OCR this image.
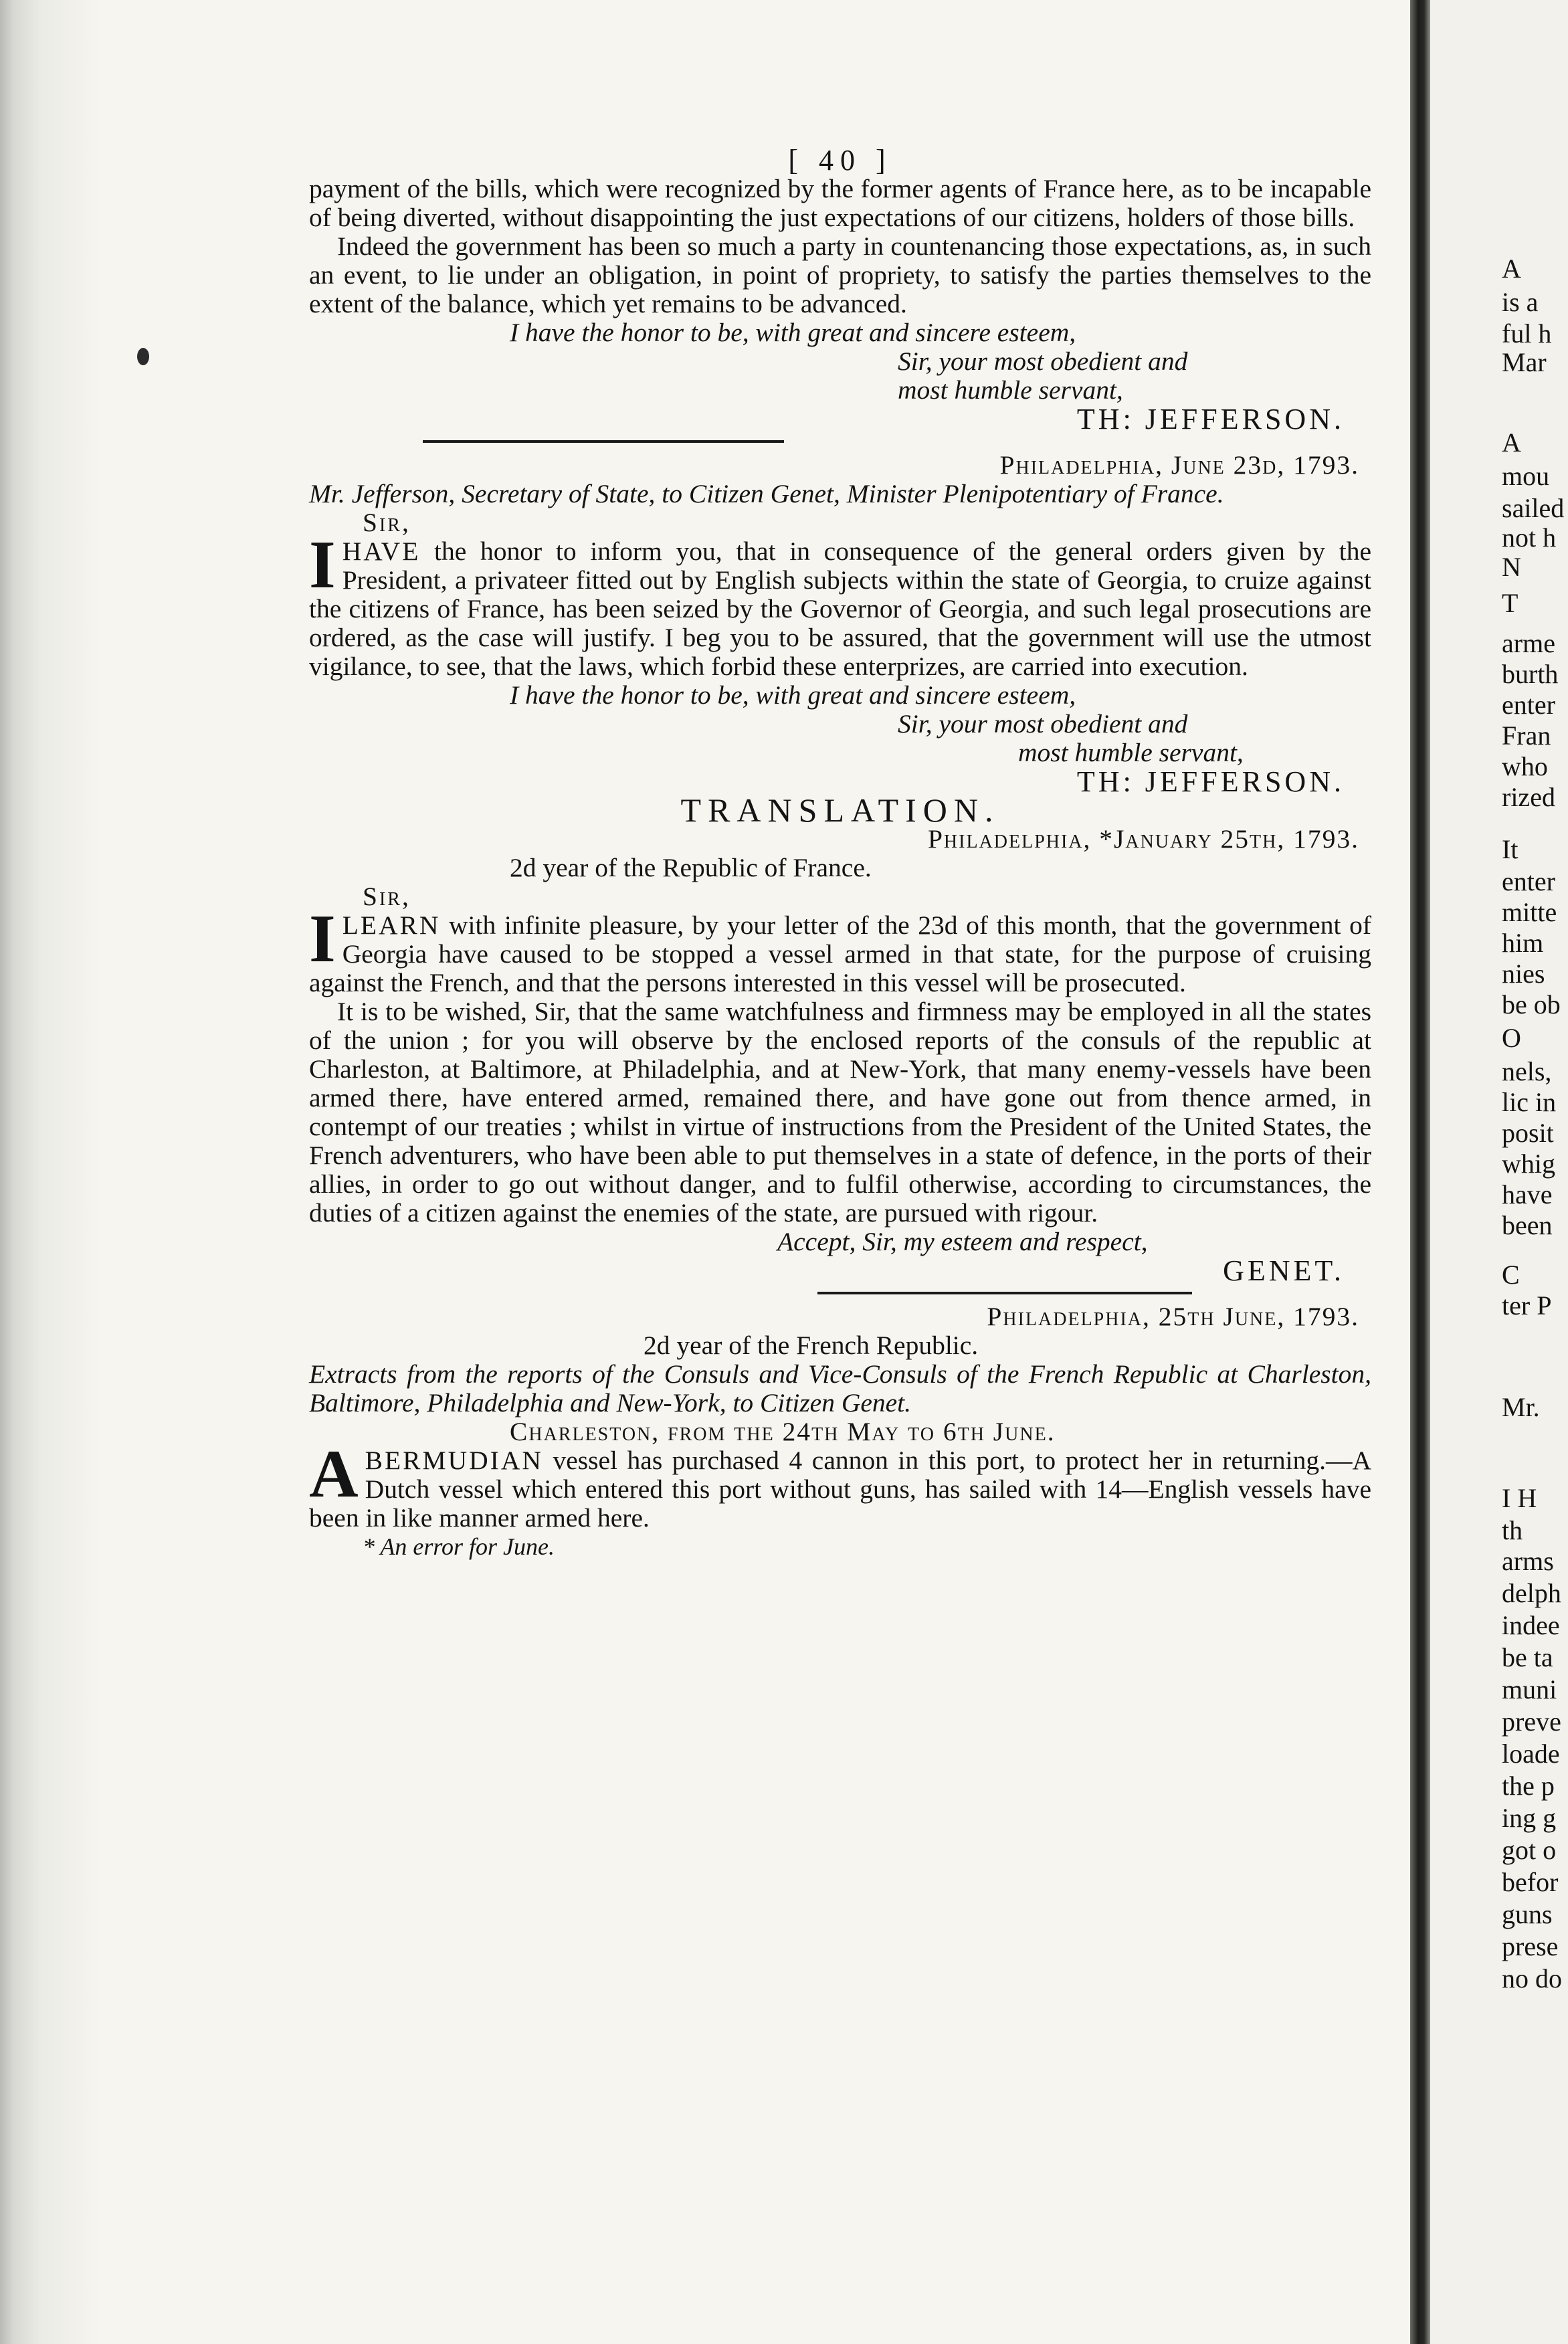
[ 40 ]

payment of the bills, which were recognized by the former agents of France here, as to be incapable of being diverted, without disappointing the just expectations of our citizens, holders of those bills.

Indeed the government has been so much a party in countenancing those expectations, as, in such an event, to lie under an obligation, in point of propriety, to satisfy the parties themselves to the extent of the balance, which yet remains to be advanced.

I have the honor to be, with great and sincere esteem,

Sir, your most obedient and

most humble servant,

TH: JEFFERSON.

Philadelphia, June 23d, 1793.

Mr. Jefferson, Secretary of State, to Citizen Genet, Minister Plenipotentiary of France.

Sir,

IHAVE the honor to inform you, that in consequence of the general orders given by the President, a privateer fitted out by English subjects within the state of Georgia, to cruize against the citizens of France, has been seized by the Governor of Georgia, and such legal prosecutions are ordered, as the case will justify. I beg you to be assured, that the government will use the utmost vigilance, to see, that the laws, which forbid these enterprizes, are carried into execution.

I have the honor to be, with great and sincere esteem,

Sir, your most obedient and

most humble servant,

TH: JEFFERSON.

TRANSLATION.

Philadelphia, *January 25th, 1793.

2d year of the Republic of France.

Sir,

ILEARN with infinite pleasure, by your letter of the 23d of this month, that the government of Georgia have caused to be stopped a vessel armed in that state, for the purpose of cruising against the French, and that the persons interested in this vessel will be prosecuted.

It is to be wished, Sir, that the same watchfulness and firmness may be employed in all the states of the union ; for you will observe by the enclosed reports of the consuls of the republic at Charleston, at Baltimore, at Philadelphia, and at New-York, that many enemy-vessels have been armed there, have entered armed, remained there, and have gone out from thence armed, in contempt of our treaties ; whilst in virtue of instructions from the President of the United States, the French adventurers, who have been able to put themselves in a state of defence, in the ports of their allies, in order to go out without danger, and to fulfil otherwise, according to circumstances, the duties of a citizen against the enemies of the state, are pursued with rigour.

Accept, Sir, my esteem and respect,

GENET.

Philadelphia, 25th June, 1793.

2d year of the French Republic.

Extracts from the reports of the Consuls and Vice-Consuls of the French Republic at Charleston, Baltimore, Philadelphia and New-York, to Citizen Genet.

Charleston, from the 24th May to 6th June.

ABERMUDIAN vessel has purchased 4 cannon in this port, to protect her in returning.—A Dutch vessel which entered this port without guns, has sailed with 14—English vessels have been in like manner armed here.

* An error for June.

A
is a
ful h
Mar
A
mou
sailed
not h
N
T
arme
burth
enter
Fran
who
rized
It
enter
mitte
him
nies
be ob
O
nels,
lic in
posit
whig
have
been
C
ter P
Mr.
I H
th
arms
delph
indee
be ta
muni
preve
loade
the p
ing g
got o
befor
guns
prese
no do
